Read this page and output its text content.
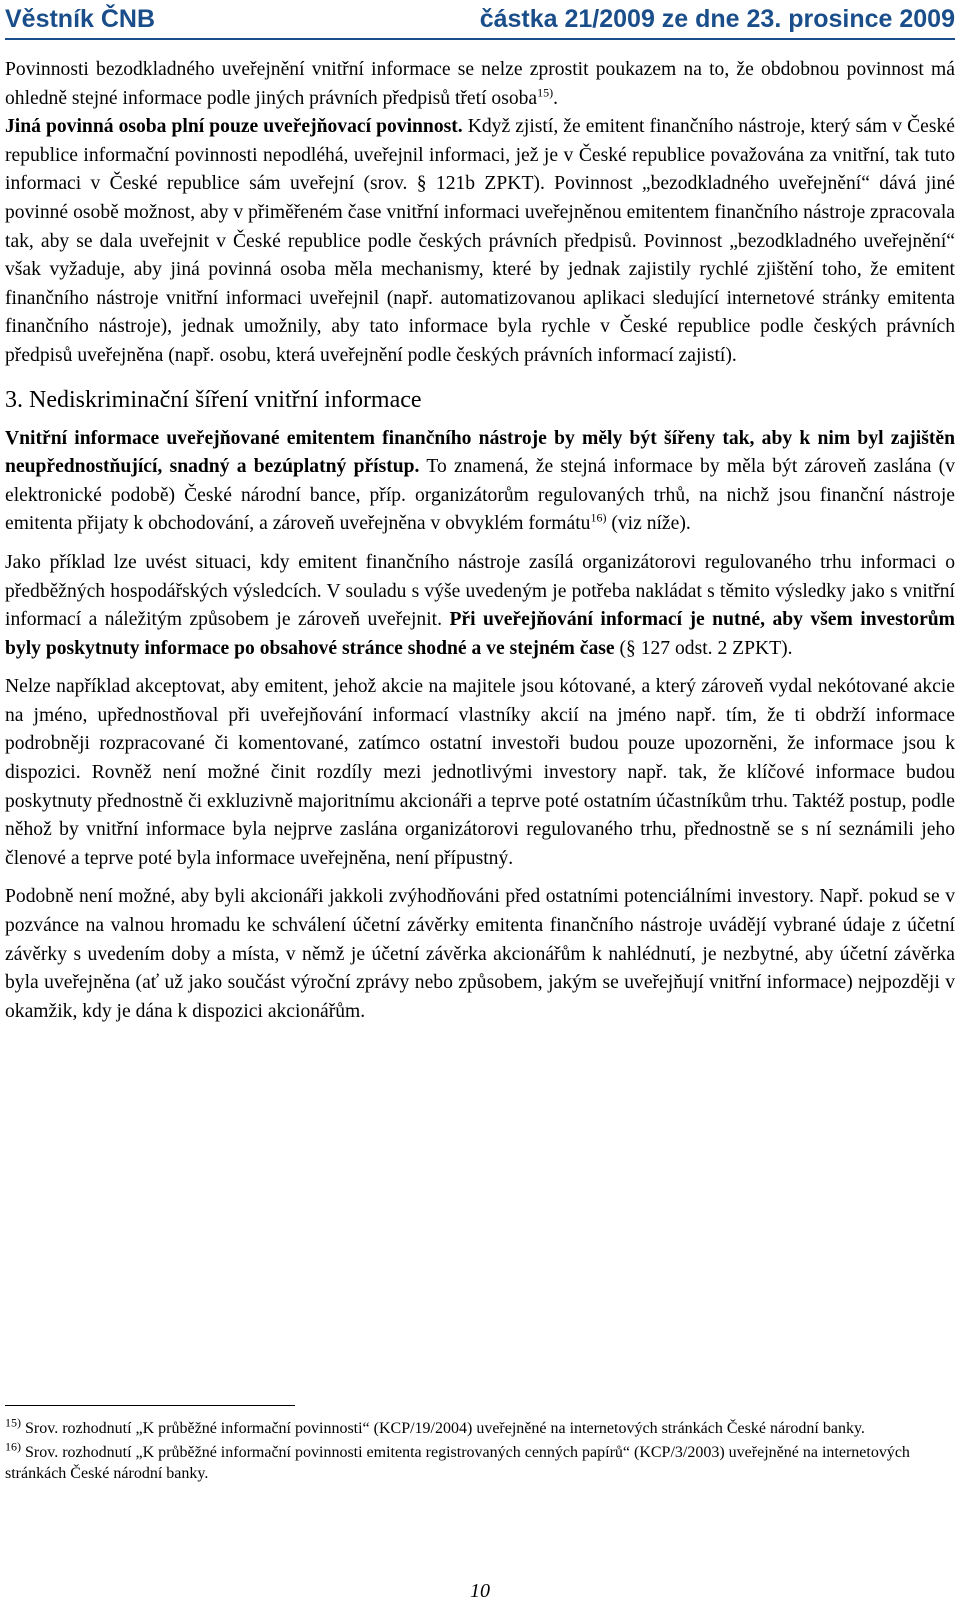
Věstník ČNB	částka 21/2009 ze dne 23. prosince 2009

Povinnosti bezodkladného uveřejnění vnitřní informace se nelze zprostit poukazem na to, že obdobnou povinnost má ohledně stejné informace podle jiných právních předpisů třetí osoba$^{15)}$.

Jiná povinná osoba plní pouze uveřejňovací povinnost. Když zjistí, že emitent finančního nástroje, který sám v České republice informační povinnosti nepodléhá, uveřejnil informaci, jež je v České republice považována za vnitřní, tak tuto informaci v České republice sám uveřejní (srov. § 121b ZPKT). Povinnost „bezodkladného uveřejnění“ dává jiné povinné osobě možnost, aby v přiměřeném čase vnitřní informaci uveřejněnou emitentem finančního nástroje zpracovala tak, aby se dala uveřejnit v České republice podle českých právních předpisů. Povinnost „bezodkladného uveřejnění“ však vyžaduje, aby jiná povinná osoba měla mechanismy, které by jednak zajistily rychlé zjištění toho, že emitent finančního nástroje vnitřní informaci uveřejnil (např. automatizovanou aplikaci sledující internetové stránky emitenta finančního nástroje), jednak umožnily, aby tato informace byla rychle v České republice podle českých právních předpisů uveřejněna (např. osobu, která uveřejnění podle českých právních informací zajistí).

3. Nediskriminační šíření vnitřní informace

Vnitřní informace uveřejňované emitentem finančního nástroje by měly být šířeny tak, aby k nim byl zajištěn neupřednostňující, snadný a bezúplatný přístup. To znamená, že stejná informace by měla být zároveň zaslána (v elektronické podobě) České národní bance, příp. organizátorům regulovaných trhů, na nichž jsou finanční nástroje emitenta přijaty k obchodování, a zároveň uveřejněna v obvyklém formátu$^{16)}$ (viz níže).

Jako příklad lze uvést situaci, kdy emitent finančního nástroje zasílá organizátorovi regulovaného trhu informaci o předběžných hospodářských výsledcích. V souladu s výše uvedeným je potřeba nakládat s těmito výsledky jako s vnitřní informací a náležitým způsobem je zároveň uveřejnit. Při uveřejňování informací je nutné, aby všem investorům byly poskytnuty informace po obsahové stránce shodné a ve stejném čase (§ 127 odst. 2 ZPKT).

Nelze například akceptovat, aby emitent, jehož akcie na majitele jsou kótované, a který zároveň vydal nekótované akcie na jméno, upřednostňoval při uveřejňování informací vlastníky akcií na jméno např. tím, že ti obdrží informace podrobněji rozpracované či komentované, zatímco ostatní investoři budou pouze upozorněni, že informace jsou k dispozici. Rovněž není možné činit rozdíly mezi jednotlivými investory např. tak, že klíčové informace budou poskytnuty přednostně či exkluzivně majoritnímu akcionáři a teprve poté ostatním účastníkům trhu. Taktéž postup, podle něhož by vnitřní informace byla nejprve zaslána organizátorovi regulovaného trhu, přednostně se s ní seznámili jeho členové a teprve poté byla informace uveřejněna, není přípustný.

Podobně není možné, aby byli akcionáři jakkoli zvýhodňováni před ostatními potenciálními investory. Např. pokud se v pozvánce na valnou hromadu ke schválení účetní závěrky emitenta finančního nástroje uvádějí vybrané údaje z účetní závěrky s uvedením doby a místa, v němž je účetní závěrka akcionářům k nahlédnutí, je nezbytné, aby účetní závěrka byla uveřejněna (ať už jako součást výroční zprávy nebo způsobem, jakým se uveřejňují vnitřní informace) nejpozději v okamžik, kdy je dána k dispozici akcionářům.

$^{15)}$ Srov. rozhodnutí „K průběžné informační povinnosti“ (KCP/19/2004) uveřejněné na internetových stránkách České národní banky.
$^{16)}$ Srov. rozhodnutí „K průběžné informační povinnosti emitenta registrovaných cenných papírů“ (KCP/3/2003) uveřejněné na internetových stránkách České národní banky.
10
